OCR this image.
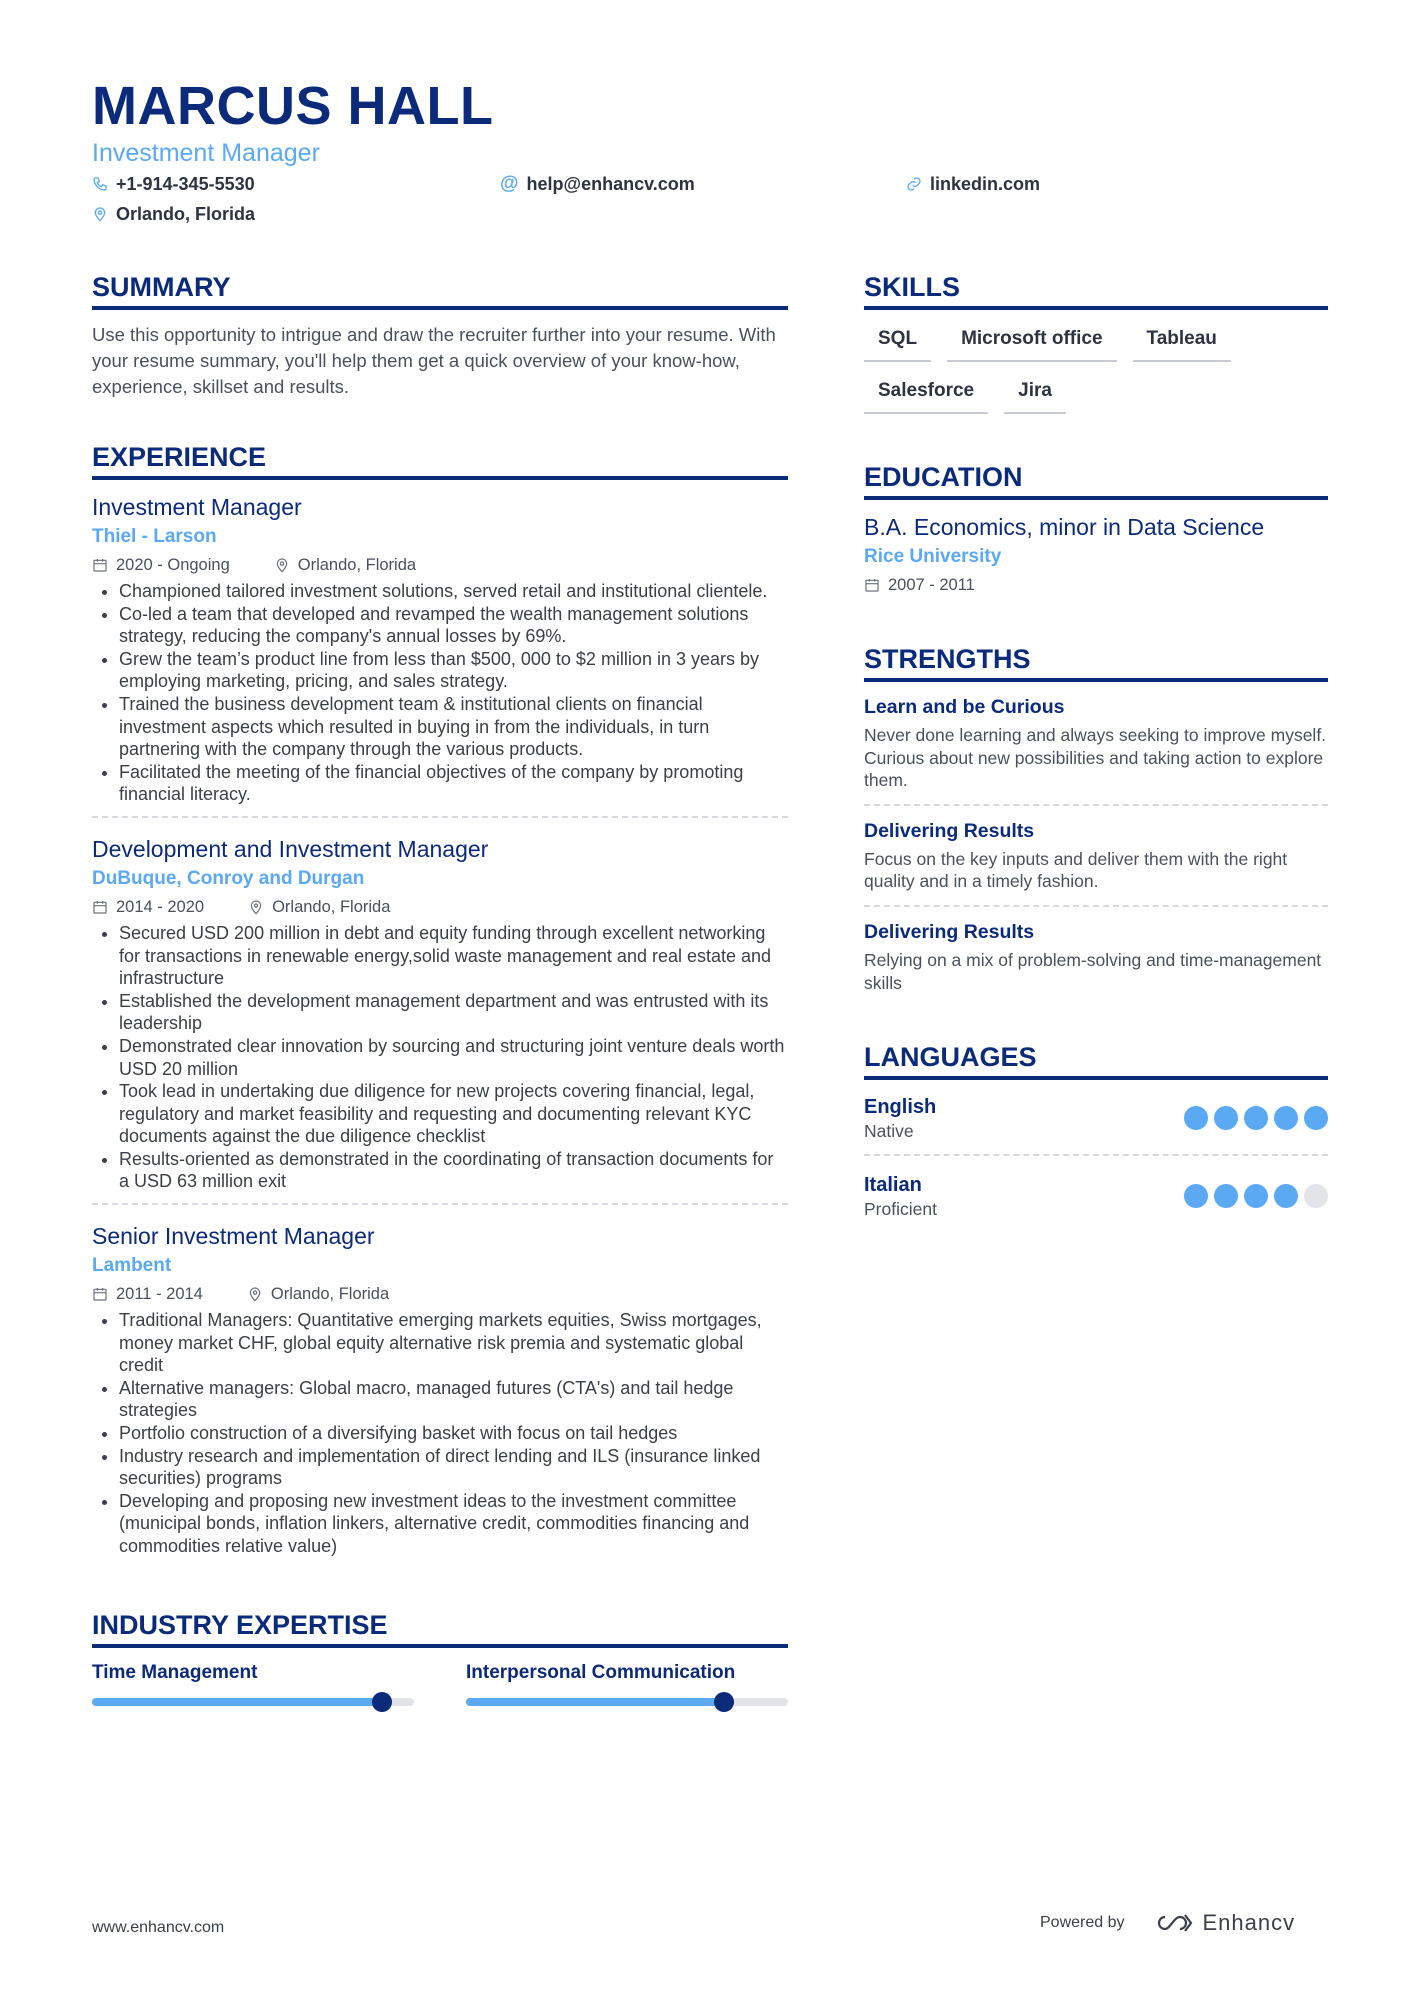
MARCUS HALL
Investment Manager
+1-914-345-5530	@ help@enhancv.com	linkedin.com
Orlando, Florida
SUMMARY

Use this opportunity to intrigue and draw the recruiter further into your resume. With your resume summary, you'll help them get a quick overview of your know-how, experience, skillset and results.

EXPERIENCE
Investment Manager
Thiel - Larson
2020 - Ongoing	Orlando, Florida
• Championed tailored investment solutions, served retail and institutional clientele.
• Co-led a team that developed and revamped the wealth management solutions strategy, reducing the company's annual losses by 69%.
• Grew the team’s product line from less than $500, 000 to $2 million in 3 years by employing marketing, pricing, and sales strategy.
• Trained the business development team & institutional clients on financial investment aspects which resulted in buying in from the individuals, in turn partnering with the company through the various products.
• Facilitated the meeting of the financial objectives of the company by promoting financial literacy.
Development and Investment Manager
DuBuque, Conroy and Durgan
2014 - 2020	Orlando, Florida
• Secured USD 200 million in debt and equity funding through excellent networking for transactions in renewable energy,solid waste management and real estate and infrastructure
• Established the development management department and was entrusted with its leadership
• Demonstrated clear innovation by sourcing and structuring joint venture deals worth USD 20 million
• Took lead in undertaking due diligence for new projects covering financial, legal, regulatory and market feasibility and requesting and documenting relevant KYC documents against the due diligence checklist
• Results-oriented as demonstrated in the coordinating of transaction documents for a USD 63 million exit
Senior Investment Manager
Lambent
2011 - 2014	Orlando, Florida
• Traditional Managers: Quantitative emerging markets equities, Swiss mortgages, money market CHF, global equity alternative risk premia and systematic global credit
• Alternative managers: Global macro, managed futures (CTA's) and tail hedge strategies
• Portfolio construction of a diversifying basket with focus on tail hedges
• Industry research and implementation of direct lending and ILS (insurance linked securities) programs
• Developing and proposing new investment ideas to the investment committee (municipal bonds, inflation linkers, alternative credit, commodities financing and commodities relative value)
INDUSTRY EXPERTISE
Time Management	Interpersonal Communication
SKILLS
SQL	Microsoft office	Tableau
Salesforce	Jira
EDUCATION
B.A. Economics, minor in Data Science
Rice University
2007 - 2011
STRENGTHS
Learn and be Curious
Never done learning and always seeking to improve myself. Curious about new possibilities and taking action to explore them.
Delivering Results
Focus on the key inputs and deliver them with the right quality and in a timely fashion.
Delivering Results
Relying on a mix of problem-solving and time-management skills
LANGUAGES
English
Native
Italian
Proficient
www.enhancv.com	Powered by	Enhancv
